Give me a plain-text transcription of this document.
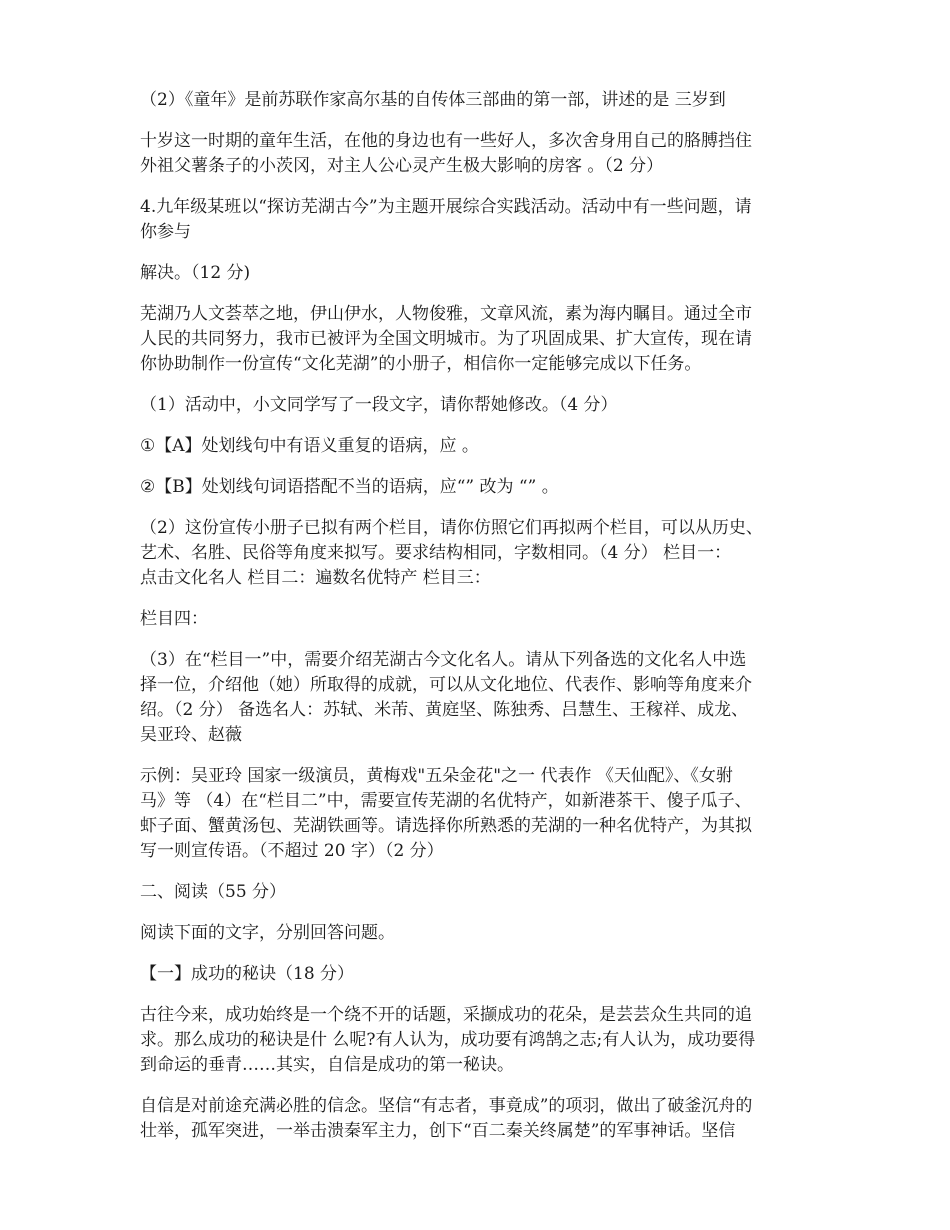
（2）《童年》是前苏联作家高尔基的自传体三部曲的第一部，讲述的是 三岁到
十岁这一时期的童年生活，在他的身边也有一些好人，多次舍身用自己的胳膊挡住
外祖父薯条子的小茨冈，对主人公心灵产生极大影响的房客 。（2 分）
4.九年级某班以“探访芜湖古今”为主题开展综合实践活动。活动中有一些问题，请
你参与
解决。（12 分)
芜湖乃人文荟萃之地，伊山伊水，人物俊雅，文章风流，素为海内瞩目。通过全市
人民的共同努力，我市已被评为全国文明城市。为了巩固成果、扩大宣传，现在请
你协助制作一份宣传“文化芜湖”的小册子，相信你一定能够完成以下任务。
（1）活动中，小文同学写了一段文字，请你帮她修改。（4 分）
①【A】处划线句中有语义重复的语病，应 。
②【B】处划线句词语搭配不当的语病，应“” 改为 “” 。
（2）这份宣传小册子已拟有两个栏目，请你仿照它们再拟两个栏目，可以从历史、
艺术、名胜、民俗等角度来拟写。要求结构相同，字数相同。（4 分） 栏目一：
点击文化名人 栏目二：遍数名优特产 栏目三：
栏目四：
（3）在“栏目一”中，需要介绍芜湖古今文化名人。请从下列备选的文化名人中选
择一位，介绍他（她）所取得的成就，可以从文化地位、代表作、影响等角度来介
绍。（2 分） 备选名人：苏轼、米芾、黄庭坚、陈独秀、吕慧生、王稼祥、成龙、
吴亚玲、赵薇
示例：吴亚玲 国家一级演员，黄梅戏"五朵金花"之一 代表作 《天仙配》、《女驸
马》等 （4）在“栏目二”中，需要宣传芜湖的名优特产，如新港茶干、傻子瓜子、
虾子面、蟹黄汤包、芜湖铁画等。请选择你所熟悉的芜湖的一种名优特产，为其拟
写一则宣传语。（不超过 20 字）（2 分）
二、阅读（55 分）
阅读下面的文字，分别回答问题。
【一】成功的秘诀（18 分）
古往今来，成功始终是一个绕不开的话题，采撷成功的花朵，是芸芸众生共同的追
求。那么成功的秘诀是什 么呢?有人认为，成功要有鸿鹄之志;有人认为，成功要得
到命运的垂青……其实，自信是成功的第一秘诀。
自信是对前途充满必胜的信念。坚信“有志者，事竟成”的项羽，做出了破釜沉舟的
壮举，孤军突进，一举击溃秦军主力，创下“百二秦关终属楚”的军事神话。坚信
